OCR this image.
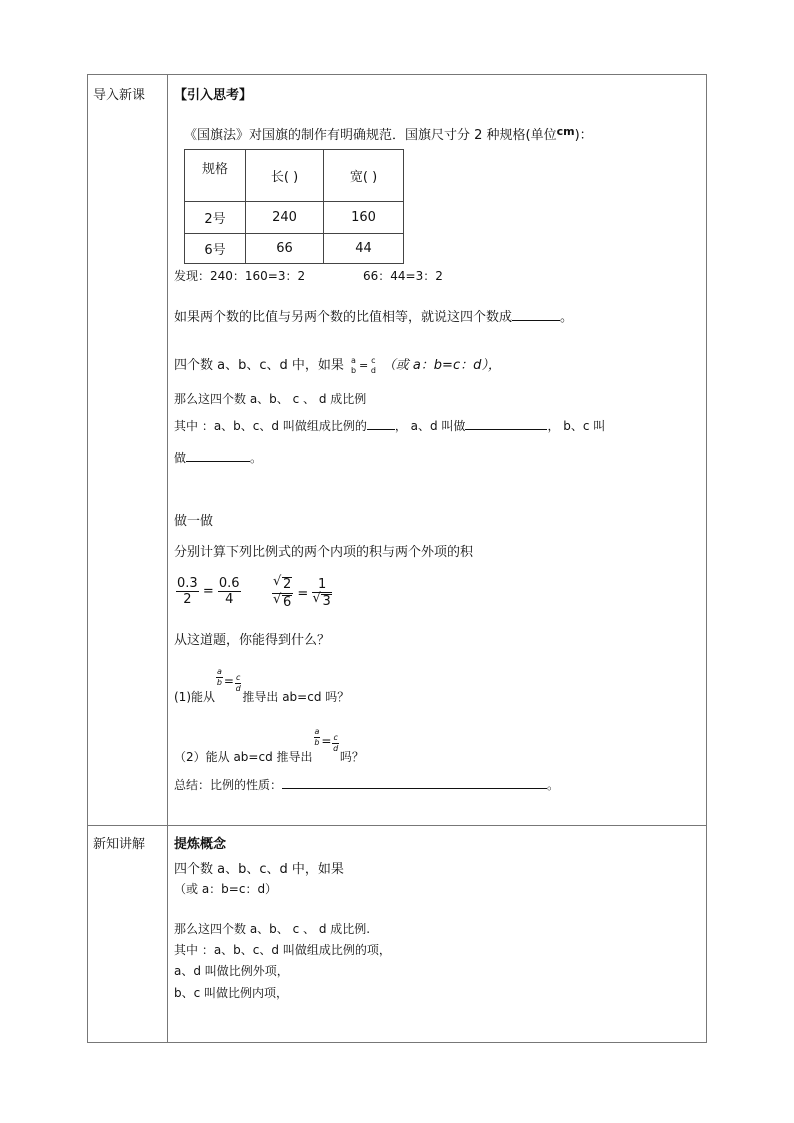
导入新课
新知讲解
【引入思考】
《国旗法》对国旗的制作有明确规范．国旗尺寸分 2 种规格(单位$^{cm}$)：
规格	长( )	宽( )
2号	240	160
6号	66	44
发现：240：160=3：2	66：44=3：2
如果两个数的比值与另两个数的比值相等，就说这四个数成	。
四个数 a、b、c、d 中，如果 a
b = c
d （或 a：b=c：d），
那么这四个数 a、b、 c 、 d 成比例
其中 ：a、b、c、d 叫做组成比例的 ， a、d 叫做	， b、c 叫
做	。
做一做
分别计算下列比例式的两个内项的积与两个外项的积
$\frac{0.3}{2} = \frac{0.6}{4}$ √ 2
√ 6 = 1
√ 3
从这道题，你能得到什么？
(1)能从
$\frac{a}{b} = \frac{c}{d}$
推导出 ab=cd 吗？
（2）能从 ab=cd 推导出
$\frac{a}{b} = \frac{c}{d}$
吗？
总结：比例的性质：	。
提炼概念
四个数 a、b、c、d 中，如果
（或 a：b=c：d）
那么这四个数 a、b、 c 、 d 成比例.
其中 ：a、b、c、d 叫做组成比例的项，
a、d 叫做比例外项，
b、c 叫做比例内项，
